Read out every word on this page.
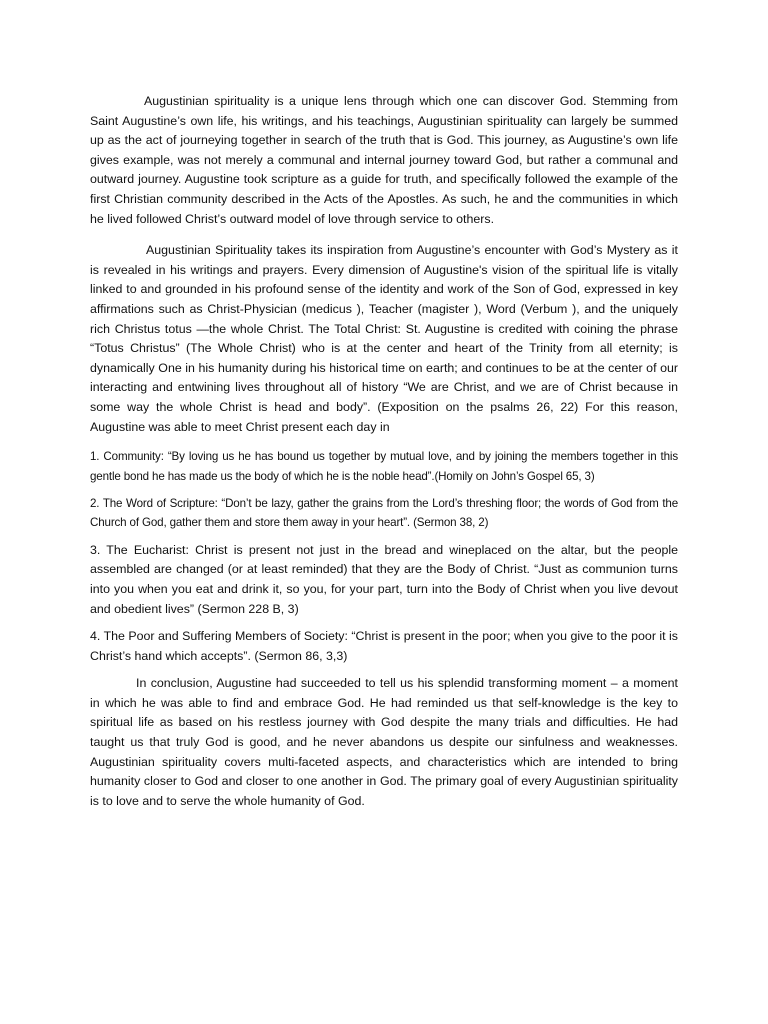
Augustinian spirituality is a unique lens through which one can discover God. Stemming from Saint Augustine’s own life, his writings, and his teachings, Augustinian spirituality can largely be summed up as the act of journeying together in search of the truth that is God. This journey, as Augustine’s own life gives example, was not merely a communal and internal journey toward God, but rather a communal and outward journey. Augustine took scripture as a guide for truth, and specifically followed the example of the first Christian community described in the Acts of the Apostles. As such, he and the communities in which he lived followed Christ’s outward model of love through service to others.

Augustinian Spirituality takes its inspiration from Augustine’s encounter with God’s Mystery as it is revealed in his writings and prayers. Every dimension of Augustine's vision of the spiritual life is vitally linked to and grounded in his profound sense of the identity and work of the Son of God, expressed in key affirmations such as Christ-Physician (medicus ), Teacher (magister ), Word (Verbum ), and the uniquely rich Christus totus —the whole Christ. The Total Christ: St. Augustine is credited with coining the phrase “Totus Christus” (The Whole Christ) who is at the center and heart of the Trinity from all eternity; is dynamically One in his humanity during his historical time on earth; and continues to be at the center of our interacting and entwining lives throughout all of history “We are Christ, and we are of Christ because in some way the whole Christ is head and body”. (Exposition on the psalms 26, 22) For this reason, Augustine was able to meet Christ present each day in

1. Community: “By loving us he has bound us together by mutual love, and by joining the members together in this gentle bond he has made us the body of which he is the noble head”.(Homily on John’s Gospel 65, 3)

2. The Word of Scripture: “Don’t be lazy, gather the grains from the Lord’s threshing floor; the words of God from the Church of God, gather them and store them away in your heart”. (Sermon 38, 2)

3. The Eucharist: Christ is present not just in the bread and wineplaced on the altar, but the people assembled are changed (or at least reminded) that they are the Body of Christ. “Just as communion turns into you when you eat and drink it, so you, for your part, turn into the Body of Christ when you live devout and obedient lives” (Sermon 228 B, 3)

4. The Poor and Suffering Members of Society: “Christ is present in the poor; when you give to the poor it is Christ’s hand which accepts”. (Sermon 86, 3,3)

In conclusion, Augustine had succeeded to tell us his splendid transforming moment – a moment in which he was able to find and embrace God. He had reminded us that self-knowledge is the key to spiritual life as based on his restless journey with God despite the many trials and difficulties. He had taught us that truly God is good, and he never abandons us despite our sinfulness and weaknesses. Augustinian spirituality covers multi-faceted aspects, and characteristics which are intended to bring humanity closer to God and closer to one another in God. The primary goal of every Augustinian spirituality is to love and to serve the whole humanity of God.
